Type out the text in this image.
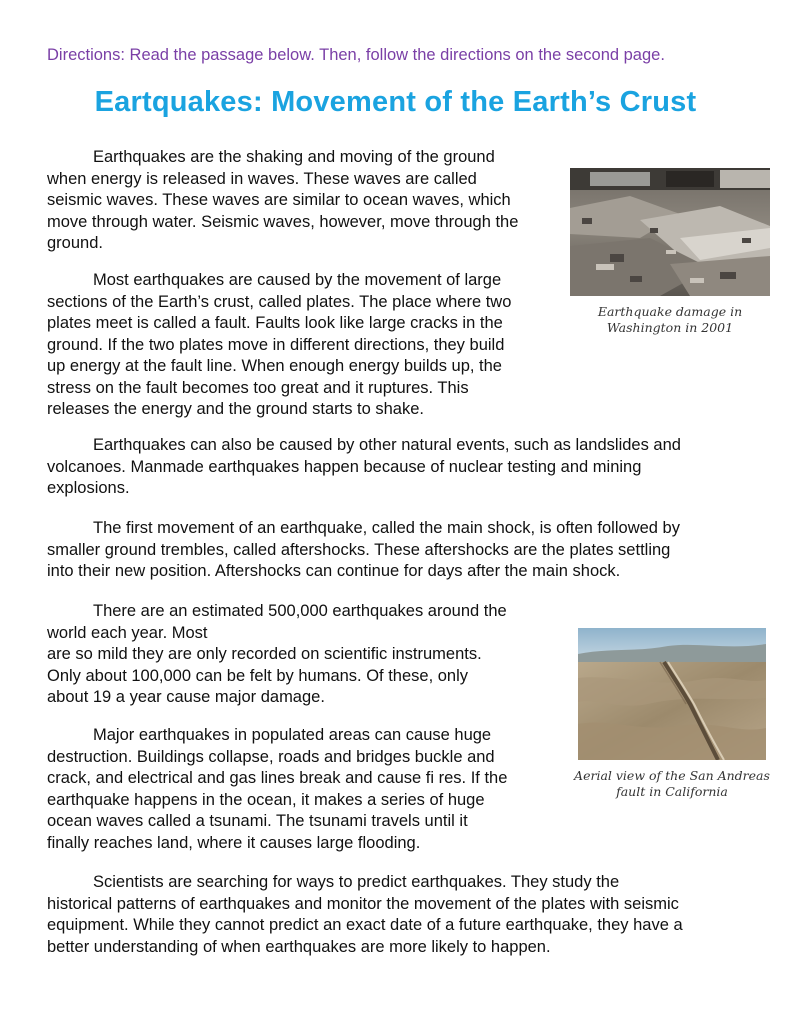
Directions: Read the passage below. Then, follow the directions on the second page.
Eartquakes: Movement of the Earth’s Crust

Earthquakes are the shaking and moving of the ground
when energy is released in waves. These waves are called
seismic waves. These waves are similar to ocean waves, which
move through water. Seismic waves, however, move through the
ground.

Most earthquakes are caused by the movement of large
sections of the Earth’s crust, called plates. The place where two
plates meet is called a fault. Faults look like large cracks in the
ground. If the two plates move in different directions, they build
up energy at the fault line. When enough energy builds up, the
stress on the fault becomes too great and it ruptures. This
releases the energy and the ground starts to shake.

Earthquakes can also be caused by other natural events, such as landslides and
volcanoes. Manmade earthquakes happen because of nuclear testing and mining
explosions.

The first movement of an earthquake, called the main shock, is often followed by
smaller ground trembles, called aftershocks. These aftershocks are the plates settling
into their new position. Aftershocks can continue for days after the main shock.

There are an estimated 500,000 earthquakes around the
world each year. Most
are so mild they are only recorded on scientific instruments.
Only about 100,000 can be felt by humans. Of these, only
about 19 a year cause major damage.

Major earthquakes in populated areas can cause huge
destruction. Buildings collapse, roads and bridges buckle and
crack, and electrical and gas lines break and cause fi res. If the
earthquake happens in the ocean, it makes a series of huge
ocean waves called a tsunami. The tsunami travels until it
finally reaches land, where it causes large flooding.

Scientists are searching for ways to predict earthquakes. They study the
historical patterns of earthquakes and monitor the movement of the plates with seismic
equipment. While they cannot predict an exact date of a future earthquake, they have a
better understanding of when earthquakes are more likely to happen.

Earthquake damage in
Washington in 2001
Aerial view of the San Andreas
fault in California
